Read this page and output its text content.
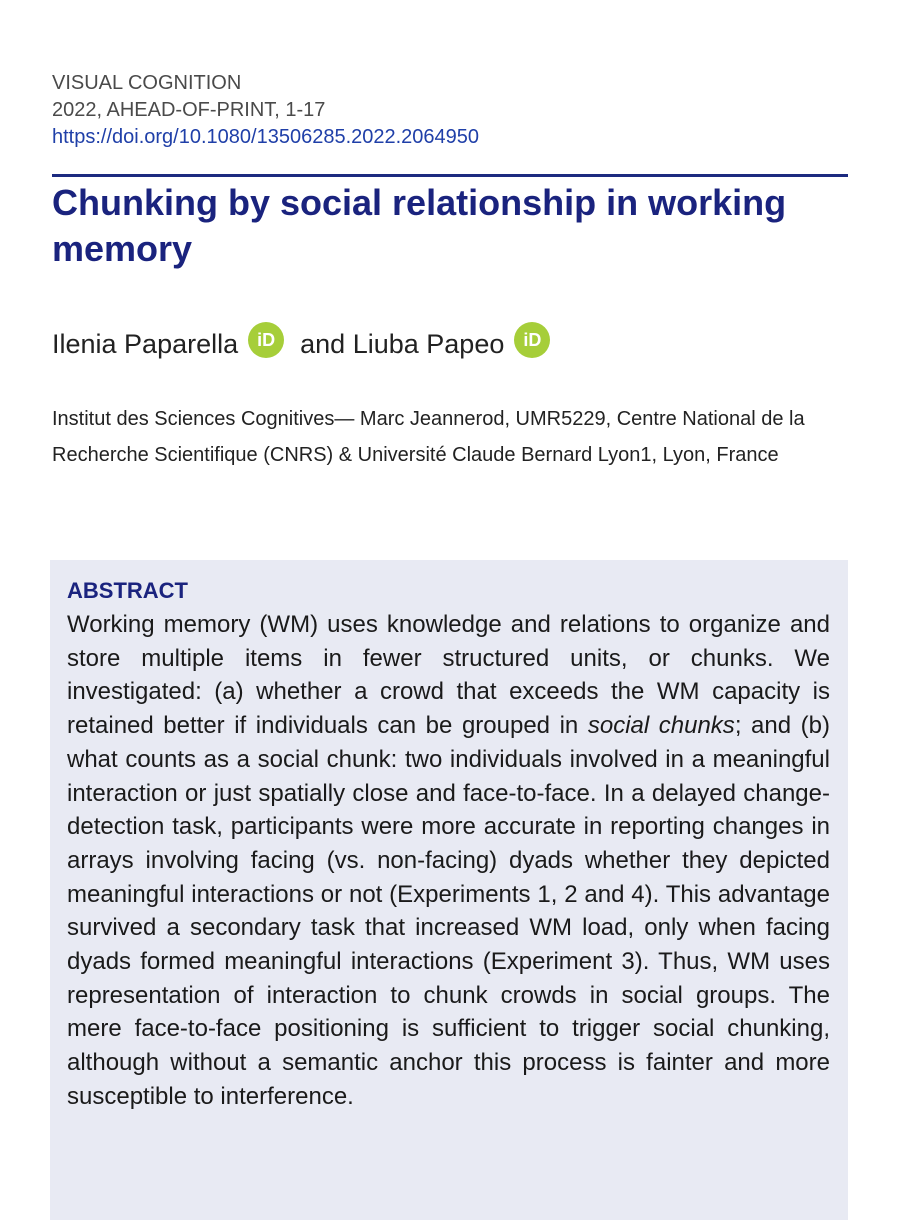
VISUAL COGNITION
2022, AHEAD-OF-PRINT, 1-17
https://doi.org/10.1080/13506285.2022.2064950
Chunking by social relationship in working memory
Ilenia Paparella	iD and
Liuba Papeo	iD

Institut des Sciences Cognitives— Marc Jeannerod, UMR5229, Centre National de la Recherche Scientifique (CNRS) & Université Claude Bernard Lyon1, Lyon, France

ABSTRACT

Working memory (WM) uses knowledge and relations to organize and store multiple items in fewer structured units, or chunks. We investigated: (a) whether a crowd that exceeds the WM capacity is retained better if individuals can be grouped in social chunks; and (b) what counts as a social chunk: two individuals involved in a meaningful interaction or just spatially close and face-to-face. In a delayed change-detection task, participants were more accurate in reporting changes in arrays involving facing (vs. non-facing) dyads whether they depicted meaningful interactions or not (Experiments 1, 2 and 4). This advantage survived a secondary task that increased WM load, only when facing dyads formed meaningful interactions (Experiment 3). Thus, WM uses representation of interaction to chunk crowds in social groups. The mere face-to-face positioning is sufficient to trigger social chunking, although without a semantic anchor this process is fainter and more susceptible to interference.
